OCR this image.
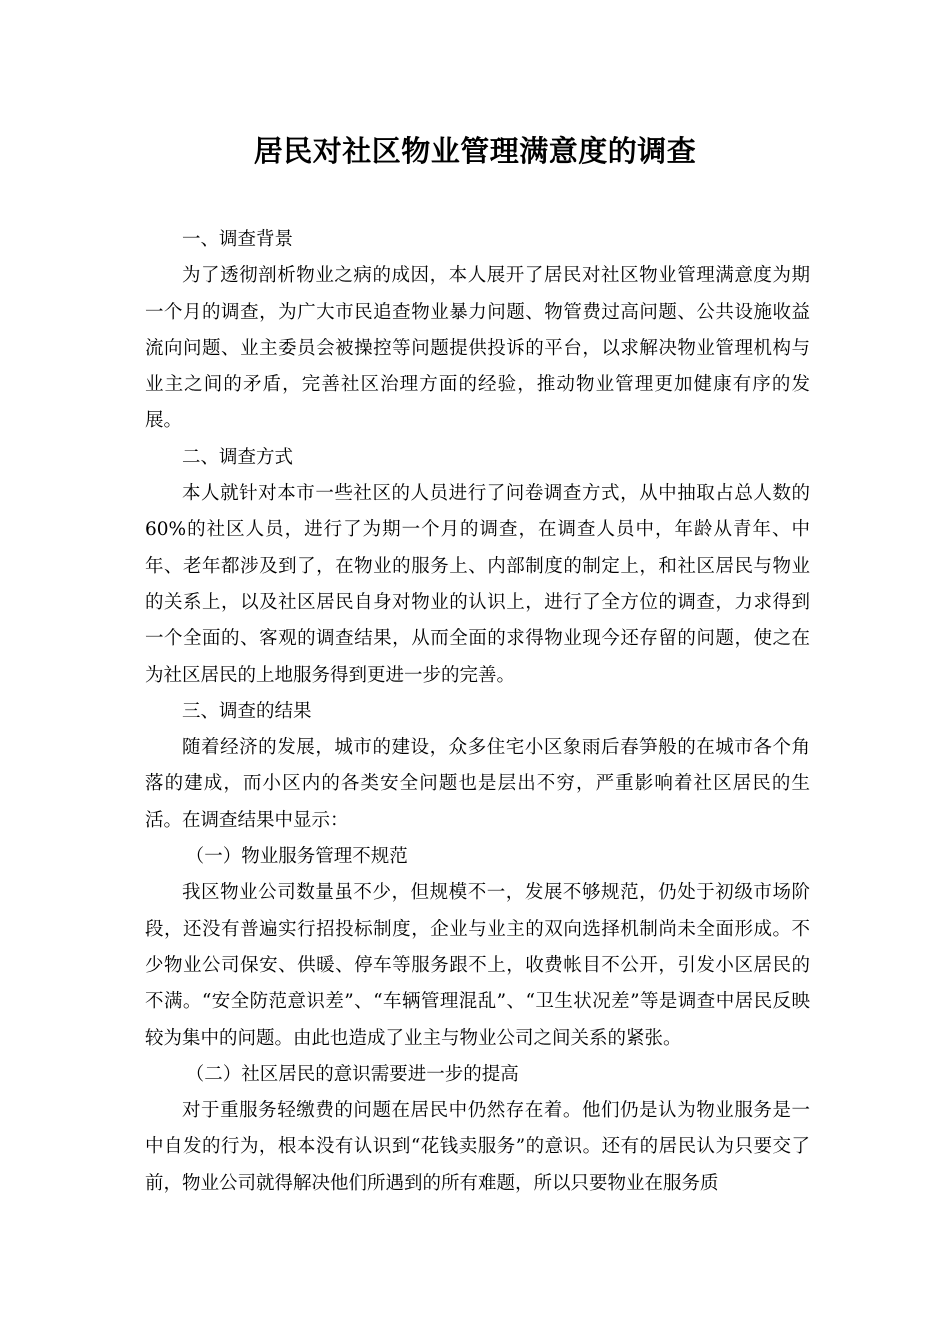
居民对社区物业管理满意度的调查

一、调查背景

为了透彻剖析物业之病的成因，本人展开了居民对社区物业管理满意度为期一个月的调查，为广大市民追查物业暴力问题、物管费过高问题、公共设施收益流向问题、业主委员会被操控等问题提供投诉的平台，以求解决物业管理机构与业主之间的矛盾，完善社区治理方面的经验，推动物业管理更加健康有序的发展。

二、调查方式

本人就针对本市一些社区的人员进行了问卷调查方式，从中抽取占总人数的 60%的社区人员，进行了为期一个月的调查，在调查人员中，年龄从青年、中年、老年都涉及到了，在物业的服务上、内部制度的制定上，和社区居民与物业的关系上，以及社区居民自身对物业的认识上，进行了全方位的调查，力求得到一个全面的、客观的调查结果，从而全面的求得物业现今还存留的问题，使之在为社区居民的上地服务得到更进一步的完善。

三、调查的结果

随着经济的发展，城市的建设，众多住宅小区象雨后春笋般的在城市各个角落的建成，而小区内的各类安全问题也是层出不穷，严重影响着社区居民的生活。在调查结果中显示：

（一）物业服务管理不规范

我区物业公司数量虽不少，但规模不一，发展不够规范，仍处于初级市场阶段，还没有普遍实行招投标制度，企业与业主的双向选择机制尚未全面形成。不少物业公司保安、供暖、停车等服务跟不上，收费帐目不公开，引发小区居民的不满。“安全防范意识差”、“车辆管理混乱”、“卫生状况差”等是调查中居民反映较为集中的问题。由此也造成了业主与物业公司之间关系的紧张。

（二）社区居民的意识需要进一步的提高

对于重服务轻缴费的问题在居民中仍然存在着。他们仍是认为物业服务是一中自发的行为，根本没有认识到“花钱卖服务”的意识。还有的居民认为只要交了前，物业公司就得解决他们所遇到的所有难题，所以只要物业在服务质
